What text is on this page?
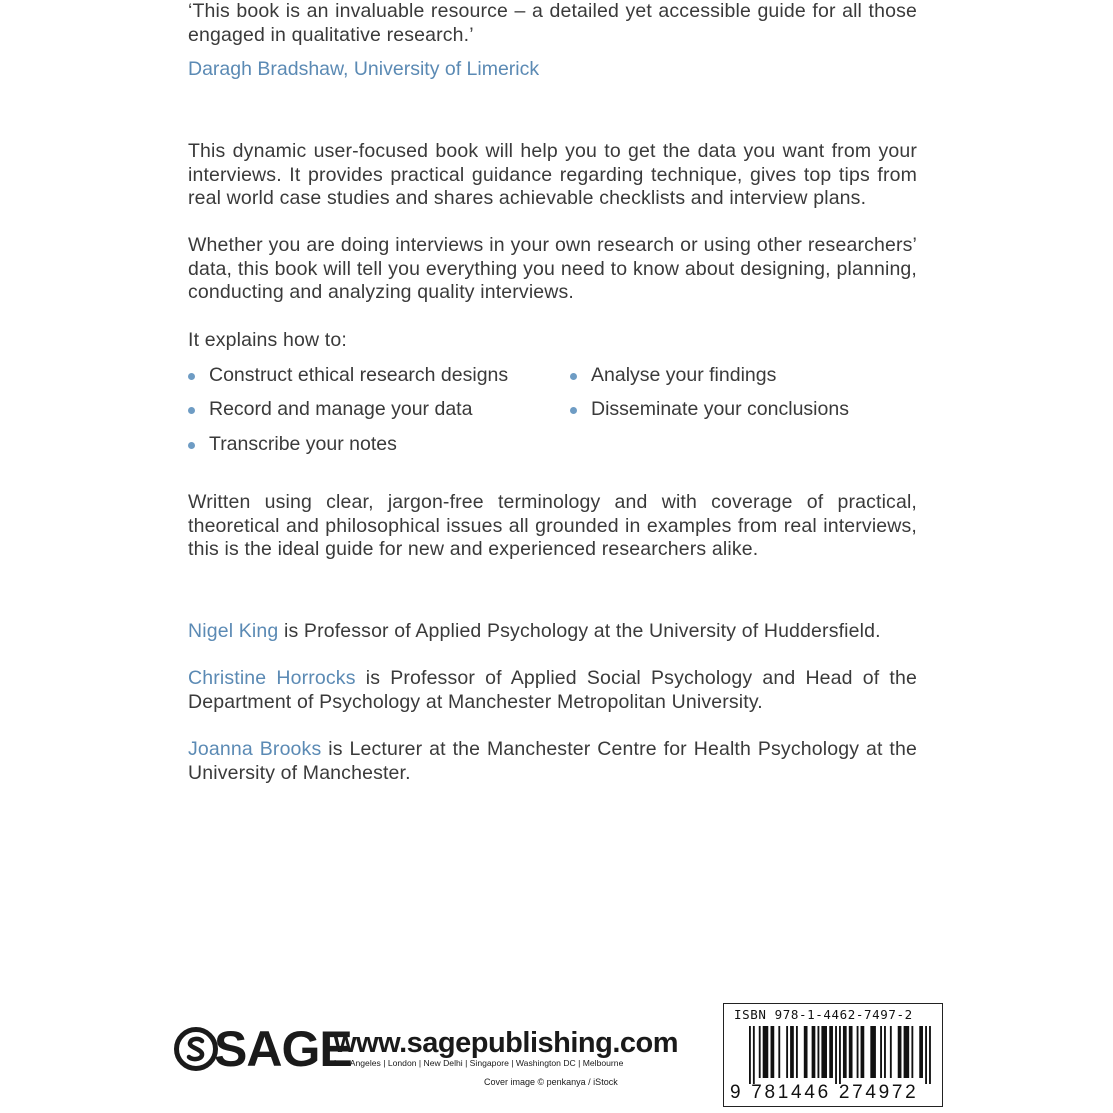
‘This book is an invaluable resource – a detailed yet accessible guide for all those engaged in qualitative research.’

Daragh Bradshaw, University of Limerick

This dynamic user-focused book will help you to get the data you want from your interviews. It provides practical guidance regarding technique, gives top tips from real world case studies and shares achievable checklists and interview plans.

Whether you are doing interviews in your own research or using other researchers’ data, this book will tell you everything you need to know about designing, planning, conducting and analyzing quality interviews.

It explains how to:
Construct ethical research designs
Record and manage your data
Transcribe your notes
Analyse your findings
Disseminate your conclusions

Written using clear, jargon-free terminology and with coverage of practical, theoretical and philosophical issues all grounded in examples from real interviews, this is the ideal guide for new and experienced researchers alike.

Nigel King is Professor of Applied Psychology at the University of Huddersfield.

Christine Horrocks is Professor of Applied Social Psychology and Head of the Department of Psychology at Manchester Metropolitan University.

Joanna Brooks is Lecturer at the Manchester Centre for Health Psychology at the University of Manchester.

SAGE
www.sagepublishing.com
Los Angeles | London | New Delhi | Singapore | Washington DC | Melbourne
Cover image © penkanya / iStock
ISBN 978-1-4462-7497-2
9 781446 274972
